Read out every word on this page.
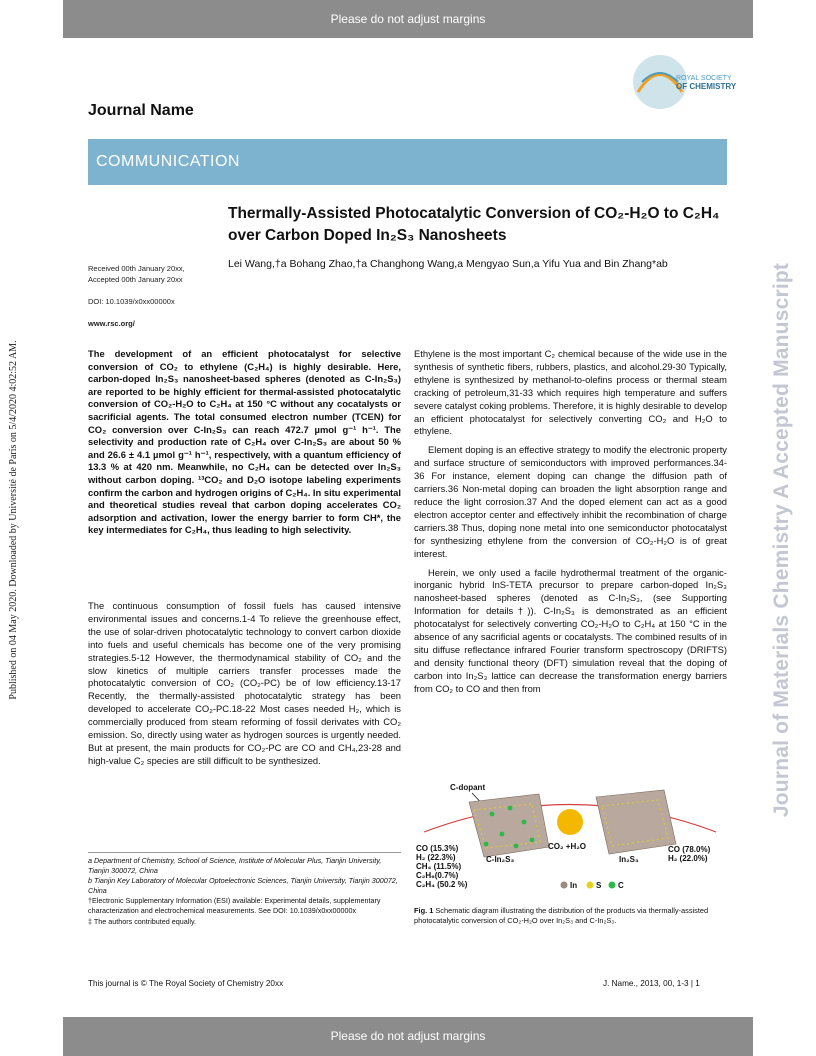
Please do not adjust margins
Published on 04 May 2020. Downloaded by Université de Paris on 5/4/2020 4:02:52 AM.	Journal of Materials Chemistry A Accepted Manuscript
ROYAL SOCIETY
OF CHEMISTRY
Journal Name
COMMUNICATION
Thermally-Assisted Photocatalytic Conversion of CO₂-H₂O to C₂H₄
over Carbon Doped In₂S₃ Nanosheets
Lei Wang,†a Bohang Zhao,†a Changhong Wang,a Mengyao Sun,a Yifu Yua and Bin Zhang*ab
Received 00th January 20xx,
Accepted 00th January 20xx
DOI: 10.1039/x0xx00000x
www.rsc.org/
The development of an efficient photocatalyst for selective conversion of CO₂ to ethylene (C₂H₄) is highly desirable. Here, carbon-doped In₂S₃ nanosheet-based spheres (denoted as C-In₂S₃) are reported to be highly efficient for thermal-assisted photocatalytic conversion of CO₂-H₂O to C₂H₄ at 150 °C without any cocatalysts or sacrificial agents. The total consumed electron number (TCEN) for CO₂ conversion over C-In₂S₃ can reach 472.7 µmol g⁻¹ h⁻¹. The selectivity and production rate of C₂H₄ over C-In₂S₃ are about 50 % and 26.6 ± 4.1 µmol g⁻¹ h⁻¹, respectively, with a quantum efficiency of 13.3 % at 420 nm. Meanwhile, no C₂H₄ can be detected over In₂S₃ without carbon doping. ¹³CO₂ and D₂O isotope labeling experiments confirm the carbon and hydrogen origins of C₂H₄. In situ experimental and theoretical studies reveal that carbon doping accelerates CO₂ adsorption and activation, lower the energy barrier to form CH*, the key intermediates for C₂H₄, thus leading to high selectivity.

The continuous consumption of fossil fuels has caused intensive environmental issues and concerns.1-4 To relieve the greenhouse effect, the use of solar-driven photocatalytic technology to convert carbon dioxide into fuels and useful chemicals has become one of the very promising strategies.5-12 However, the thermodynamical stability of CO₂ and the slow kinetics of multiple carriers transfer processes made the photocatalytic conversion of CO₂ (CO₂-PC) be of low efficiency.13-17 Recently, the thermally-assisted photocatalytic strategy has been developed to accelerate CO₂-PC.18-22 Most cases needed H₂, which is commercially produced from steam reforming of fossil derivates with CO₂ emission. So, directly using water as hydrogen sources is urgently needed. But at present, the main products for CO₂-PC are CO and CH₄,23-28 and high-value C₂ species are still difficult to be synthesized.

Ethylene is the most important C₂ chemical because of the wide use in the synthesis of synthetic fibers, rubbers, plastics, and alcohol.29-30 Typically, ethylene is synthesized by methanol-to-olefins process or thermal steam cracking of petroleum,31-33 which requires high temperature and suffers severe catalyst coking problems. Therefore, it is highly desirable to develop an efficient photocatalyst for selectively converting CO₂ and H₂O to ethylene.

Element doping is an effective strategy to modify the electronic property and surface structure of semiconductors with improved performances.34-36 For instance, element doping can change the diffusion path of carriers.36 Non-metal doping can broaden the light absorption range and reduce the light corrosion.37 And the doped element can act as a good electron acceptor center and effectively inhibit the recombination of charge carriers.38 Thus, doping none metal into one semiconductor photocatalyst for synthesizing ethylene from the conversion of CO₂-H₂O is of great interest.

Herein, we only used a facile hydrothermal treatment of the organic-inorganic hybrid InS-TETA precursor to prepare carbon-doped In₂S₃ nanosheet-based spheres (denoted as C-In₂S₃, (see Supporting Information for details†)). C-In₂S₃ is demonstrated as an efficient photocatalyst for selectively converting CO₂-H₂O to C₂H₄ at 150 °C in the absence of any sacrificial agents or cocatalysts. The combined results of in situ diffuse reflectance infrared Fourier transform spectroscopy (DRIFTS) and density functional theory (DFT) simulation reveal that the doping of carbon into In₂S₃ lattice can decrease the transformation energy barriers from CO₂ to CO and then from

a Department of Chemistry, School of Science, Institute of Molecular Plus, Tianjin University, Tianjin 300072, China

b Tianjin Key Laboratory of Molecular Optoelectronic Sciences, Tianjin University, Tianjin 300072, China

†Electronic Supplementary Information (ESI) available: Experimental details, supplementary characterization and electrochemical measurements. See DOI: 10.1039/x0xx00000x

‡ The authors contributed equally.

C-dopant
CO₂ +H₂O
C-In₂S₃	In₂S₃
CO (15.3%)
H₂ (22.3%)
CH₄ (11.5%)
C₂H₆(0.7%)
C₂H₄ (50.2 %)
CO (78.0%)
H₂ (22.0%)
In S C
Fig. 1 Schematic diagram illustrating the distribution of the products via thermally-assisted photocatalytic conversion of CO₂-H₂O over In₂S₃ and C-In₂S₃.
This journal is © The Royal Society of Chemistry 20xx	J. Name., 2013, 00, 1-3 | 1
Please do not adjust margins
